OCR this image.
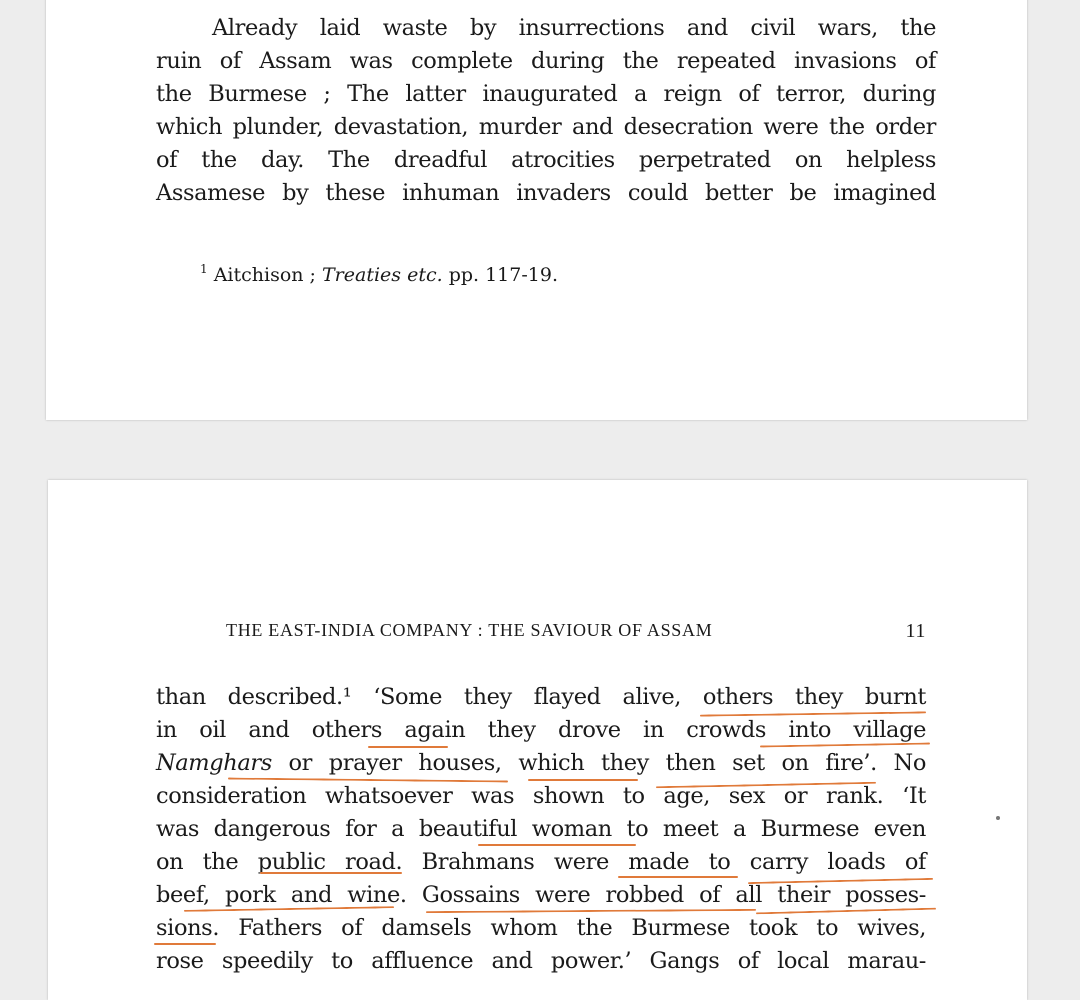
Already laid waste by insurrections and civil wars, the
ruin of Assam was complete during the repeated invasions of
the Burmese ; The latter inaugurated a reign of terror, during
which plunder, devastation, murder and desecration were the order
of the day. The dreadful atrocities perpetrated on helpless
Assamese by these inhuman invaders could better be imagined
$^1$ Aitchison ; Treaties etc. pp. 117-19.
THE EAST-INDIA COMPANY : THE SAVIOUR OF ASSAM	11
than described.¹ ‘Some they flayed alive, others they burnt
in oil and others again they drove in crowds into village
Namghars or prayer houses, which they then set on fire’. No
consideration whatsoever was shown to age, sex or rank. ‘It
was dangerous for a beautiful woman to meet a Burmese even
on the public road. Brahmans were made to carry loads of
beef, pork and wine. Gossains were robbed of all their posses-
sions. Fathers of damsels whom the Burmese took to wives,
rose speedily to affluence and power.’ Gangs of local marau-
